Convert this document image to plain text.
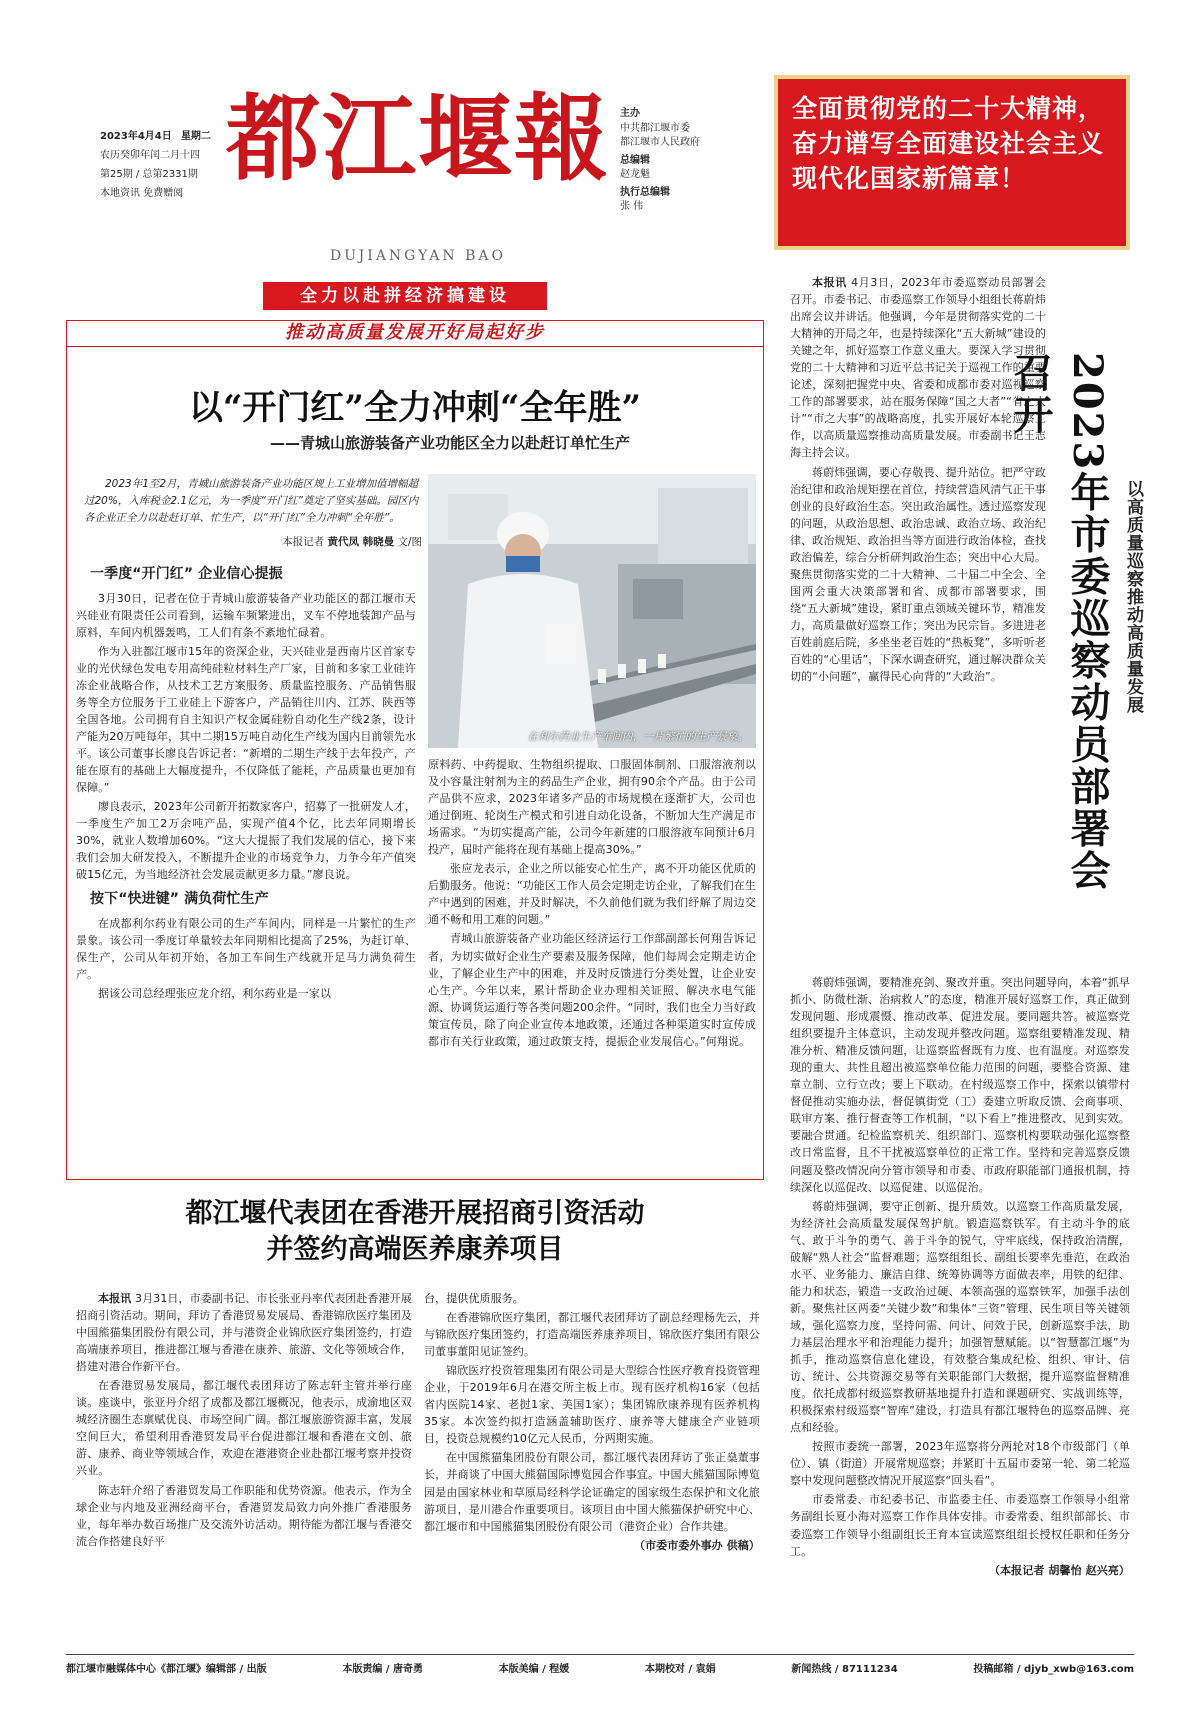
2023年4月4日 星期二
农历癸卯年闰二月十四
第25期 / 总第2331期
本地资讯 免费赠阅 都江堰報
DUJIANGYAN BAO
主办
中共都江堰市委
都江堰市人民政府
总编辑
赵龙魁
执行总编辑
张 伟
全面贯彻党的二十大精神，奋力谱写全面建设社会主义现代化国家新篇章！
全力以赴拼经济搞建设
推动高质量发展开好局起好步
以“开门红”全力冲刺“全年胜”
——青城山旅游装备产业功能区全力以赴赶订单忙生产
2023年1至2月，青城山旅游装备产业功能区规上工业增加值增幅超过20%，入库税金2.1亿元，为一季度“开门红”奠定了坚实基础。园区内各企业正全力以赴赶订单、忙生产，以“开门红”全力冲刺“全年胜”。
本报记者 黄代凤 韩晓曼 文/图
在利尔药业生产车间内，一片繁忙的生产景象。
一季度“开门红” 企业信心提振

3月30日，记者在位于青城山旅游装备产业功能区的都江堰市天兴硅业有限责任公司看到，运输车频繁进出，叉车不停地装卸产品与原料，车间内机器轰鸣，工人们有条不紊地忙碌着。

作为入驻都江堰市15年的资深企业，天兴硅业是西南片区首家专业的光伏绿色发电专用高纯硅粒材料生产厂家，目前和多家工业硅许冻企业战略合作，从技术工艺方案服务、质量监控服务、产品销售服务等全方位服务于工业硅上下游客户，产品销往川内、江苏、陕西等全国各地。公司拥有自主知识产权金属硅粉自动化生产线2条，设计产能为20万吨每年，其中二期15万吨自动化生产线为国内目前领先水平。该公司董事长廖良告诉记者：“新增的二期生产线于去年投产，产能在原有的基础上大幅度提升，不仅降低了能耗，产品质量也更加有保障。”

廖良表示，2023年公司新开拓数家客户，招募了一批研发人才，一季度生产加工2万余吨产品，实现产值4个亿，比去年同期增长30%，就业人数增加60%。“这大大提振了我们发展的信心，接下来我们会加大研发投入，不断提升企业的市场竞争力，力争今年产值突破15亿元，为当地经济社会发展贡献更多力量。”廖良说。

按下“快进键” 满负荷忙生产

在成都利尔药业有限公司的生产车间内，同样是一片繁忙的生产景象。该公司一季度订单量较去年同期相比提高了25%，为赶订单、保生产，公司从年初开始，各加工车间生产线就开足马力满负荷生产。

据该公司总经理张应龙介绍，利尔药业是一家以

原料药、中药提取、生物组织提取、口服固体制剂、口服溶液剂以及小容量注射剂为主的药品生产企业，拥有90余个产品。由于公司产品供不应求，2023年诸多产品的市场规模在逐渐扩大，公司也通过倒班、轮岗生产模式和引进自动化设备，不断加大生产满足市场需求。“为切实提高产能，公司今年新建的口服溶液车间预计6月投产，届时产能将在现有基础上提高30%。”

张应龙表示，企业之所以能安心忙生产，离不开功能区优质的后勤服务。他说：“功能区工作人员会定期走访企业，了解我们在生产中遇到的困难，并及时解决，不久前他们就为我们纾解了周边交通不畅和用工难的问题。”

青城山旅游装备产业功能区经济运行工作部副部长何翔告诉记者，为切实做好企业生产要素及服务保障，他们每周会定期走访企业，了解企业生产中的困难，并及时反馈进行分类处置，让企业安心生产。今年以来，累计帮助企业办理相关证照、解决水电气能源、协调货运通行等各类问题200余件。“同时，我们也全力当好政策宣传员，除了向企业宣传本地政策，还通过各种渠道实时宣传成都市有关行业政策，通过政策支持，提振企业发展信心。”何翔说。

都江堰代表团在香港开展招商引资活动
并签约高端医养康养项目

本报讯 3月31日，市委副书记、市长张亚丹率代表团赴香港开展招商引资活动。期间，拜访了香港贸易发展局、香港锦欣医疗集团及中国熊猫集团股份有限公司，并与港资企业锦欣医疗集团签约，打造高端康养项目，推进都江堰与香港在康养、旅游、文化等领域合作，搭建对港合作新平台。

在香港贸易发展局，都江堰代表团拜访了陈志轩主管并举行座谈。座谈中，张亚丹介绍了成都及都江堰概况，他表示，成渝地区双城经济圈生态禀赋优良、市场空间广阔。都江堰旅游资源丰富，发展空间巨大，希望利用香港贸发局平台促进都江堰和香港在文创、旅游、康养、商业等领域合作，欢迎在港港资企业赴都江堰考察并投资兴业。

陈志轩介绍了香港贸发局工作职能和优势资源。他表示，作为全球企业与内地及亚洲经商平台，香港贸发局致力向外推广香港服务业，每年举办数百场推广及交流外访活动。期待能为都江堰与香港交流合作搭建良好平

台，提供优质服务。

在香港锦欣医疗集团，都江堰代表团拜访了副总经理杨先云，并与锦欣医疗集团签约，打造高端医养康养项目，锦欣医疗集团有限公司董事董阳见证签约。

锦欣医疗投资管理集团有限公司是大型综合性医疗教育投资管理企业，于2019年6月在港交所主板上市。现有医疗机构16家（包括省内医院14家、老挝1家、美国1家）；集团锦欣康养现有医养机构35家。本次签约拟打造涵盖辅助医疗、康养等大健康全产业链项目，投资总规模约10亿元人民币，分两期实施。

在中国熊猫集团股份有限公司，都江堰代表团拜访了张正燊董事长，并商谈了中国大熊猫国际博览园合作事宜。中国大熊猫国际博览园是由国家林业和草原局经科学论证确定的国家级生态保护和文化旅游项目，是川港合作重要项目。该项目由中国大熊猫保护研究中心、都江堰市和中国熊猫集团股份有限公司（港资企业）合作共建。

（市委市委外事办 供稿）
2023年市委巡察动员部署会召开
以高质量巡察推动高质量发展

本报讯 4月3日，2023年市委巡察动员部署会召开。市委书记、市委巡察工作领导小组组长蒋蔚炜出席会议并讲话。他强调，今年是贯彻落实党的二十大精神的开局之年，也是持续深化“五大新城”建设的关键之年，抓好巡察工作意义重大。要深入学习贯彻党的二十大精神和习近平总书记关于巡视工作的重要论述，深刻把握党中央、省委和成都市委对巡视巡察工作的部署要求，站在服务保障“国之大者”“省之大计”“市之大事”的战略高度，扎实开展好本轮巡察工作，以高质量巡察推动高质量发展。市委副书记王志海主持会议。

蒋蔚炜强调，要心存敬畏、提升站位。把严守政治纪律和政治规矩摆在首位，持续营造风清气正干事创业的良好政治生态。突出政治属性。透过巡察发现的问题，从政治思想、政治忠诚、政治立场、政治纪律、政治规矩、政治担当等方面进行政治体检，查找政治偏差，综合分析研判政治生态；突出中心大局。聚焦贯彻落实党的二十大精神、二十届二中全会、全国两会重大决策部署和省、成都市部署要求，围绕“五大新城”建设，紧盯重点领域关键环节，精准发力，高质量做好巡察工作；突出为民宗旨。多进进老百姓前庭后院，多坐坐老百姓的“热板凳”，多听听老百姓的“心里话”，下深水调查研究，通过解决群众关切的“小问题”，赢得民心向背的“大政治”。

蒋蔚炜强调，要精准亮剑、聚改并重。突出问题导向，本着“抓早抓小、防微杜渐、治病救人”的态度，精准开展好巡察工作，真正做到发现问题、形成震慑、推动改革、促进发展。要同题共答。被巡察党组织要提升主体意识，主动发现并整改问题。巡察组要精准发现、精准分析、精准反馈问题，让巡察监督既有力度、也有温度。对巡察发现的重大、共性且超出被巡察单位能力范围的问题，要整合资源、建章立制、立行立改；要上下联动。在村级巡察工作中，探索以镇带村督促推动实施办法，督促镇街党（工）委建立听取反馈、会商事项、联审方案、推行督查等工作机制，“以下看上”推进整改、见到实效。要融合贯通。纪检监察机关、组织部门、巡察机构要联动强化巡察整改日常监督，且不干扰被巡察单位的正常工作。坚持和完善巡察反馈问题及整改情况向分管市领导和市委、市政府职能部门通报机制，持续深化以巡促改、以巡促建、以巡促治。

蒋蔚炜强调，要守正创新、提升质效。以巡察工作高质量发展，为经济社会高质量发展保驾护航。锻造巡察铁军。有主动斗争的底气、敢于斗争的勇气、善于斗争的锐气，守牢底线，保持政治清醒，破解“熟人社会”监督难题；巡察组组长、副组长要率先垂范，在政治水平、业务能力、廉洁自律、统筹协调等方面做表率，用铁的纪律、能力和状态，锻造一支政治过硬、本领高强的巡察铁军，加强手法创新。聚焦社区两委“关键少数”和集体“三资”管理、民生项目等关键领域，强化巡察力度，坚持问需、问计、问效于民，创新巡察手法，助力基层治理水平和治理能力提升；加强智慧赋能。以“智慧都江堰”为抓手，推动巡察信息化建设，有效整合集成纪检、组织、审计、信访、统计、公共资源交易等有关职能部门大数据，提升巡察监督精准度。依托成都村级巡察教研基地提升打造和课题研究、实战训练等，积极探索村级巡察“智库”建设，打造具有都江堰特色的巡察品牌、亮点和经验。

按照市委统一部署，2023年巡察将分两轮对18个市级部门（单位）、镇（街道）开展常规巡察；并紧盯十五届市委第一轮、第二轮巡察中发现问题整改情况开展巡察“回头看”。

市委常委、市纪委书记、市监委主任、市委巡察工作领导小组常务副组长夏小海对巡察工作作具体安排。市委常委、组织部部长、市委巡察工作领导小组副组长王育本宣读巡察组组长授权任职和任务分工。

（本报记者 胡馨怡 赵兴亮）
都江堰市融媒体中心《都江堰》编辑部 / 出版	本版责编 / 唐奇勇	本版美编 / 程媛	本期校对 / 袁娟	新闻热线 / 87111234	投稿邮箱 / djyb_xwb@163.com
